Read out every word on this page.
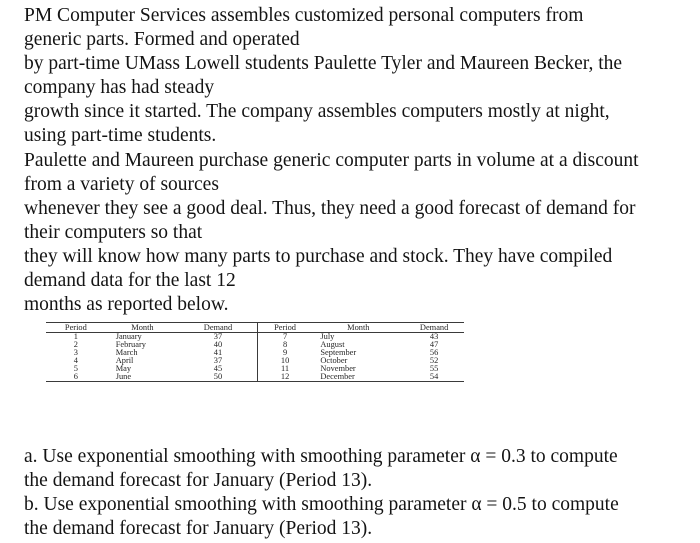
PM Computer Services assembles customized personal computers from
generic parts. Formed and operated
by part-time UMass Lowell students Paulette Tyler and Maureen Becker, the
company has had steady
growth since it started. The company assembles computers mostly at night,
using part-time students.
Paulette and Maureen purchase generic computer parts in volume at a discount
from a variety of sources
whenever they see a good deal. Thus, they need a good forecast of demand for
their computers so that
they will know how many parts to purchase and stock. They have compiled
demand data for the last 12
months as reported below.
Period	Month	Demand	Period	Month	Demand
1	January	37	7	July	43
2	February	40	8	August	47
3	March	41	9	September	56
4	April	37	10	October	52
5	May	45	11	November	55
6	June	50	12	December	54
a. Use exponential smoothing with smoothing parameter α = 0.3 to compute
the demand forecast for January (Period 13).
b. Use exponential smoothing with smoothing parameter α = 0.5 to compute
the demand forecast for January (Period 13).
